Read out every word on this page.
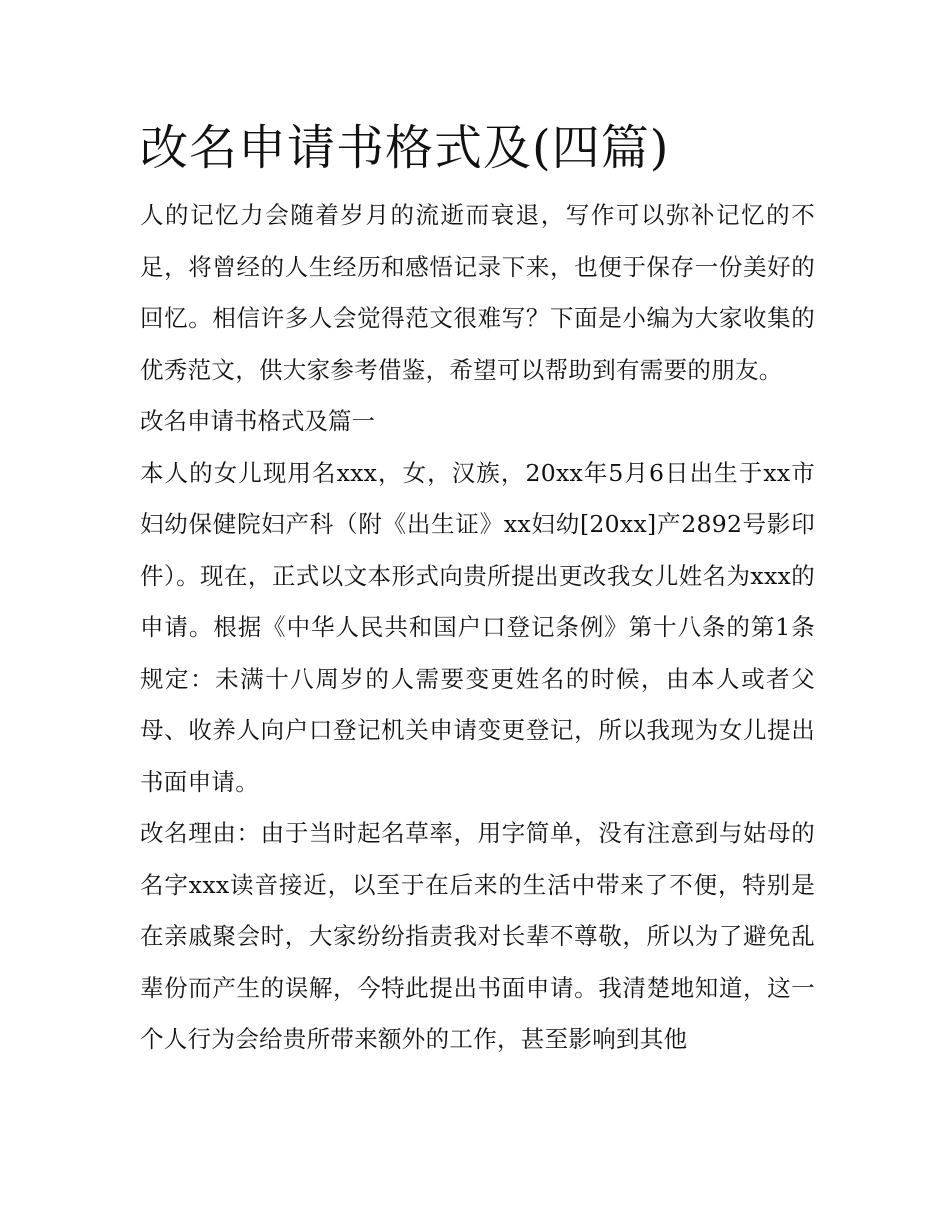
改名申请书格式及(四篇)

人的记忆力会随着岁月的流逝而衰退，写作可以弥补记忆的不足，将曾经的人生经历和感悟记录下来，也便于保存一份美好的回忆。相信许多人会觉得范文很难写？下面是小编为大家收集的优秀范文，供大家参考借鉴，希望可以帮助到有需要的朋友。

改名申请书格式及篇一

本人的女儿现用名xxx，女，汉族，20xx年5月6日出生于xx市妇幼保健院妇产科（附《出生证》xx妇幼[20xx]产2892号影印件）。现在，正式以文本形式向贵所提出更改我女儿姓名为xxx的申请。根据《中华人民共和国户口登记条例》第十八条的第1条规定：未满十八周岁的人需要变更姓名的时候，由本人或者父母、收养人向户口登记机关申请变更登记，所以我现为女儿提出书面申请。

改名理由：由于当时起名草率，用字简单，没有注意到与姑母的名字xxx读音接近，以至于在后来的生活中带来了不便，特别是在亲戚聚会时，大家纷纷指责我对长辈不尊敬，所以为了避免乱辈份而产生的误解，今特此提出书面申请。我清楚地知道，这一个人行为会给贵所带来额外的工作，甚至影响到其他
